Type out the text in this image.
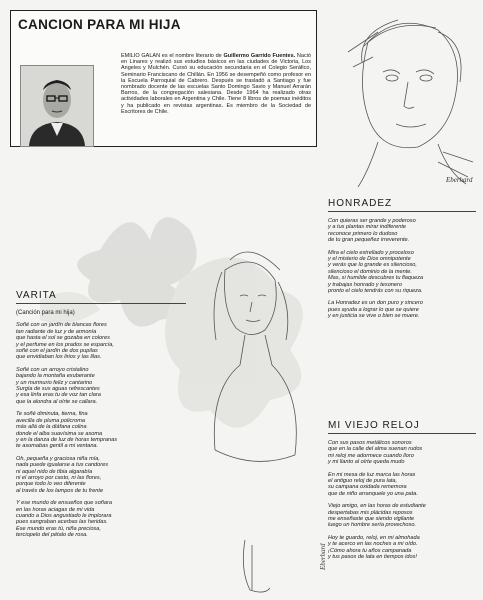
CANCION PARA MI HIJA
EMILIO GALAN es el nombre literario de Guillermo Garrido Fuentes. Nació en Linares y realizó sus estudios básicos en las ciudades de Victoria, Los Angeles y Mulchén. Cursó su educación secundaria en el Colegio Seráfico, Seminario Franciscano de Chillán. En 1956 se desempeñó como profesor en la Escuela Parroquial de Cabrero. Después se trasladó a Santiago y fue nombrado docente de las escuelas Santo Domingo Savio y Manuel Arrarán Barros, de la congregación salesiana. Desde 1964 ha realizado otras actividades laborales en Argentina y Chile. Tiene 8 libros de poemas inéditos y ha publicado en revistas argentinas. Es miembro de la Sociedad de Escritores de Chile.
Eberhard
Eberhard
VARITA
(Canción para mi hija)
Soñé con un jardín de blancas flores
tan radiante de luz y de armonía
que hasta el sol se gozaba en colores
y el perfume en los prados se esparcía,
soñé con el jardín de dos pupilas
que envidiaban los lirios y las lilas.
Soñé con un arroyo cristalino
bajando la montaña exuberante
y un murmurio feliz y cantarino
Surgía de sus aguas refrescantes
y esa linfa eras tu de voz tan clara
que la alondra al oírte se callara.
Te soñé diminuta, tierna, fina
avecilla de pluma policroma
más allá de la diáfana colina
donde el alba suavísima se asoma
y en la danza de luz de horas tempranas
te asomabas gentil a mi ventana.
Oh, pequeña y graciosa niña mía,
nada puede igualarse a tus candores
ni aquel nido de tibia algarabía
ni el arroyo por casto, ni las flores,
porque todo lo veo diferente
al través de los lampos de tu frente
Y ese mundo de ensueños que soñara
en las horas aciagas de mi vida
cuando a Dios angustiado le implorara
pues sangraban acerbas las heridas.
Ese mundo eras tú, niña preciosa,
terciopelo del pétalo de rosa.
HONRADEZ
Con quieras ser grande y poderoso
y a tus plantas mirar indiferente
reconoce primero lo dudoso
de tu gran pequeñez irreverente.
Mira el cielo estrellado y proceloso
y el misterio de Dios omnipotente
y verás que lo grande es silencioso,
silencioso el dominio de la mente.
Mas, si humilde descubres tu flaqueza
y trabajas honrado y tesonero
pronto el cielo tendrás con su riqueza.
La Honradez es un don puro y sincero
pues ayuda a lograr lo que se quiere
y en justicia se vive o bien se muere.
MI VIEJO RELOJ
Con sus pasos metálicos sonoros
que en la calle del alma suenan rudos
mi reloj me adormece cuando lloro
y mi llanto al oírte queda mudo
En mi mesa de luz marca las horas
el antiguo reloj de pura lata,
su campana oxidada rememora
que de niño arranquele yo una pata.
Viejo amigo, en las horas de estudiante
despertabas mis plácidas reposos
me enseñaste que siendo vigilante
luego un hombre sería provechoso.
Hoy te guardo, reloj, en mi almohada
y te acerco en las noches a mi oído.
¡Cómo ahora tu años campanada
y tus pasos de lata en tiempos idos!
